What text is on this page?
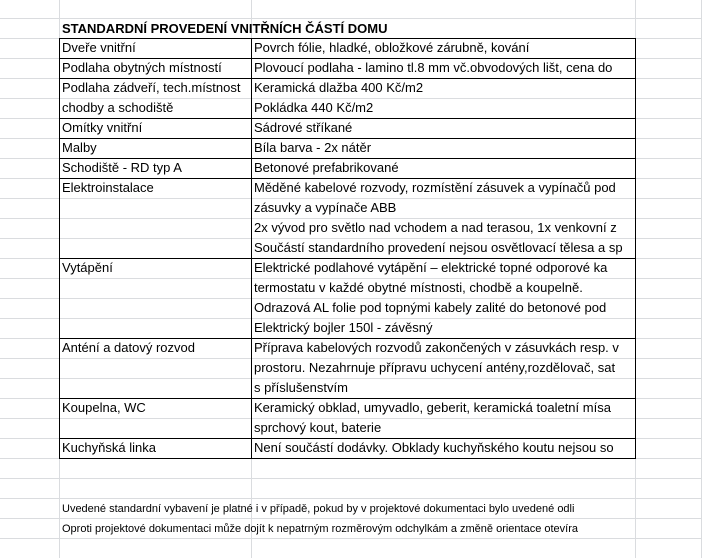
STANDARDNÍ PROVEDENÍ VNITŘNÍCH ČÁSTÍ DOMU
Dveře vnitřní	Povrch fólie, hladké, obložkové zárubně, kování
Podlaha obytných místností	Plovoucí podlaha - lamino tl.8 mm vč.obvodových lišt, cena do
Podlaha zádveří, tech.místnost	Keramická dlažba 400 Kč/m2
chodby a schodiště	Pokládka 440 Kč/m2
Omítky vnitřní	Sádrové stříkané
Malby	Bíla barva - 2x nátěr
Schodiště - RD typ A	Betonové prefabrikované
Elektroinstalace	Měděné kabelové rozvody, rozmístění zásuvek a vypínačů pod
zásuvky a vypínače ABB
2x vývod pro světlo nad vchodem a nad terasou, 1x venkovní z
Součástí standardního provedení nejsou osvětlovací tělesa a sp
Vytápění	Elektrické podlahové vytápění – elektrické topné odporové ka
termostatu v každé obytné místnosti, chodbě a koupelně.
Odrazová AL folie pod topnými kabely zalité do betonové pod
Elektrický bojler 150l - závěsný
Anténí a datový rozvod	Příprava kabelových rozvodů zakončených v zásuvkách resp. v
prostoru. Nezahrnuje přípravu uchycení antény,rozdělovač, sat
s příslušenstvím
Koupelna, WC	Keramický obklad, umyvadlo, geberit, keramická toaletní mísa
sprchový kout, baterie
Kuchyňská linka	Není součástí dodávky. Obklady kuchyňského koutu nejsou so
Uvedené standardní vybavení je platné i v případě, pokud by v projektové dokumentaci bylo uvedené odli
Oproti projektové dokumentaci může dojít k nepatrným rozměrovým odchylkám a změně orientace otevíra
